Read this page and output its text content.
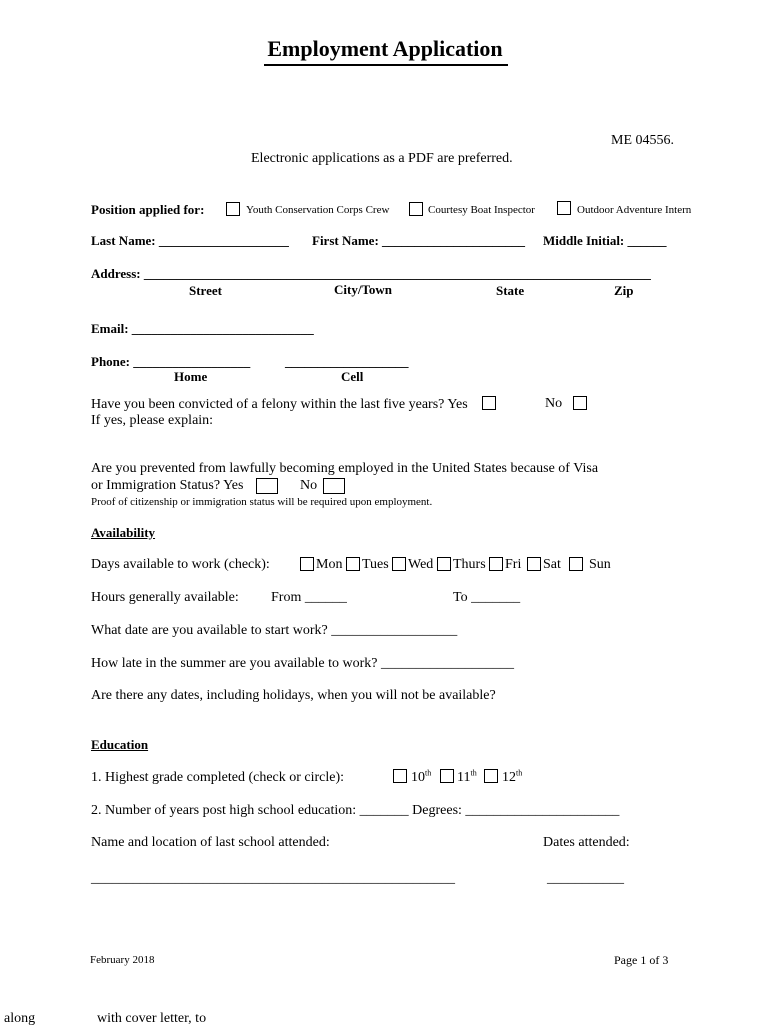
Employment Application
ME 04556.
Electronic applications as a PDF are preferred.
Position applied for:	Youth Conservation Corps Crew	Courtesy Boat Inspector	Outdoor Adventure Intern
Last Name: ____________________ First Name: ______________________ Middle Initial: ______
Address: ______________________________________________________________________________
Street	City/Town	State	Zip
Email: ____________________________
Phone: __________________	___________________
Home	Cell
Have you been convicted of a felony within the last five years? Yes	No
If yes, please explain:
Are you prevented from lawfully becoming employed in the United States because of Visa
or Immigration Status? Yes	No
Proof of citizenship or immigration status will be required upon employment.
Availability
Days available to work (check):	Mon Tues Wed Thurs Fri Sat Sun
Hours generally available: From ______	To _______
What date are you available to start work? __________________
How late in the summer are you available to work? ___________________
Are there any dates, including holidays, when you will not be available?
Education
1. Highest grade completed (check or circle):	10th 11th 12th
2. Number of years post high school education: _______ Degrees: ______________________
Name and location of last school attended:	Dates attended:
____________________________________________________	___________
February 2018	Page 1 of 3
along	with cover letter, to
